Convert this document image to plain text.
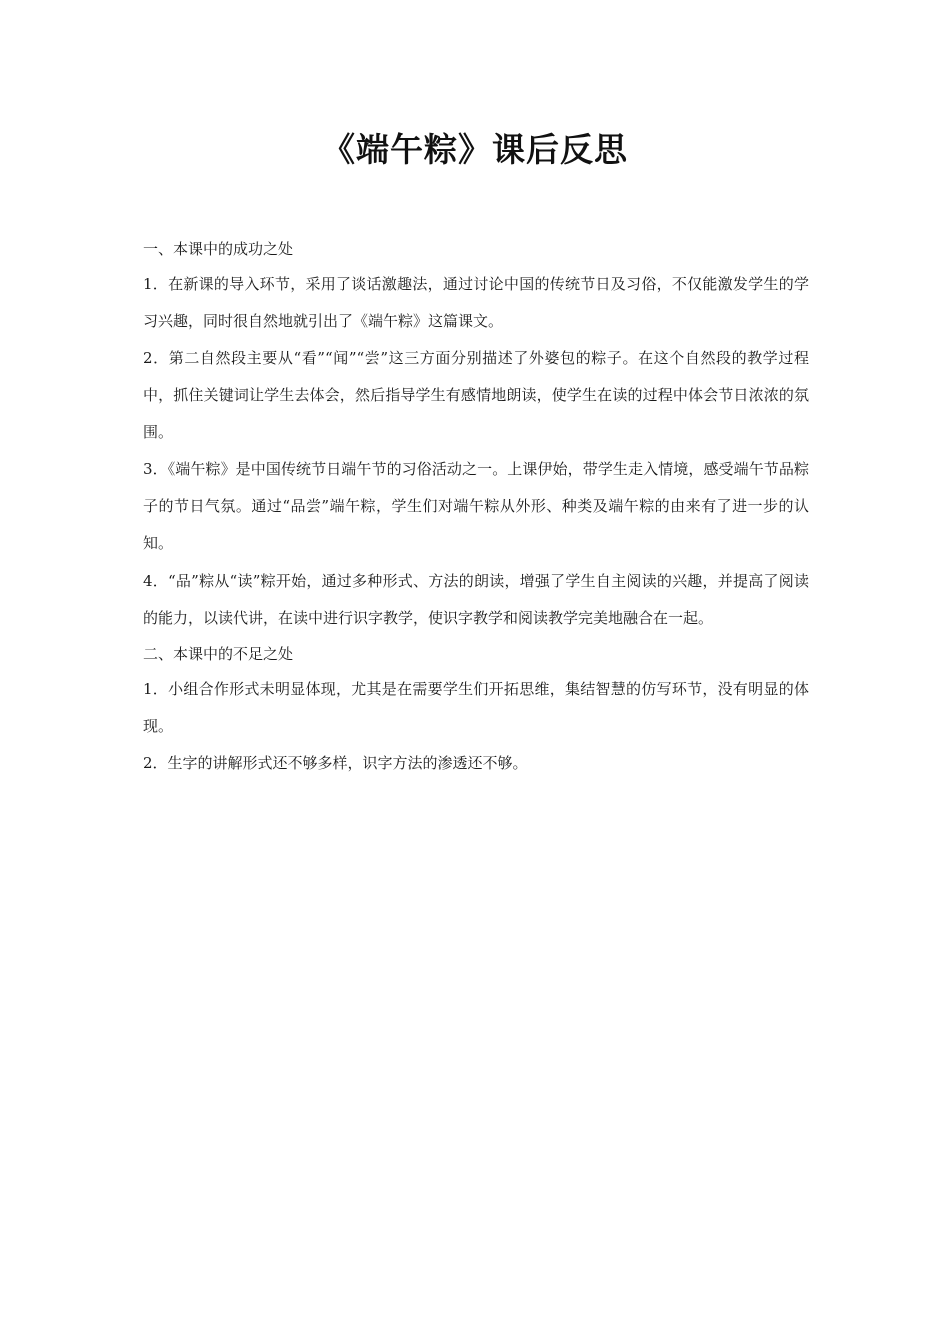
《端午粽》课后反思

一、本课中的成功之处

1．在新课的导入环节，采用了谈话激趣法，通过讨论中国的传统节日及习俗，不仅能激发学生的学习兴趣，同时很自然地就引出了《端午粽》这篇课文。

2．第二自然段主要从“看”“闻”“尝”这三方面分别描述了外婆包的粽子。在这个自然段的教学过程中，抓住关键词让学生去体会，然后指导学生有感情地朗读，使学生在读的过程中体会节日浓浓的氛围。

3．《端午粽》是中国传统节日端午节的习俗活动之一。上课伊始，带学生走入情境，感受端午节品粽子的节日气氛。通过“品尝”端午粽，学生们对端午粽从外形、种类及端午粽的由来有了进一步的认知。

4．“品”粽从“读”粽开始，通过多种形式、方法的朗读，增强了学生自主阅读的兴趣，并提高了阅读的能力，以读代讲，在读中进行识字教学，使识字教学和阅读教学完美地融合在一起。

二、本课中的不足之处

1．小组合作形式未明显体现，尤其是在需要学生们开拓思维，集结智慧的仿写环节，没有明显的体现。

2．生字的讲解形式还不够多样，识字方法的渗透还不够。
